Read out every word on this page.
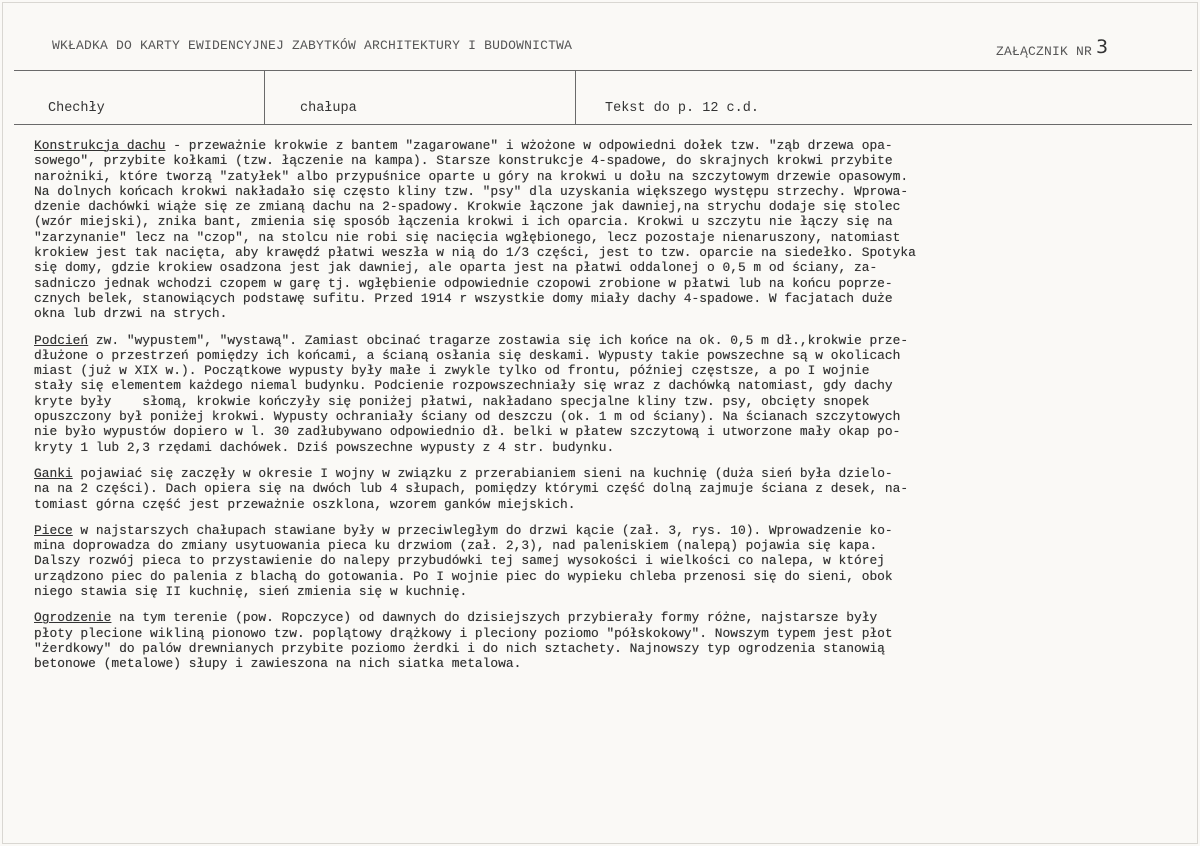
WKŁADKA DO KARTY EWIDENCYJNEJ ZABYTKÓW ARCHITEKTURY I BUDOWNICTWA	ZAŁĄCZNIK NR 3
Chechły	chałupa	Tekst do p. 12 c.d.
Konstrukcja dachu - przeważnie krokwie z bantem "zagarowane" i wżożone w odpowiedni dołek tzw. "ząb drzewa opa-
sowego", przybite kołkami (tzw. łączenie na kampa). Starsze konstrukcje 4-spadowe, do skrajnych krokwi przybite
narożniki, które tworzą "zatyłek" albo przypuśnice oparte u góry na krokwi u dołu na szczytowym drzewie opasowym.
Na dolnych końcach krokwi nakładało się często kliny tzw. "psy" dla uzyskania większego występu strzechy. Wprowa-
dzenie dachówki wiąże się ze zmianą dachu na 2-spadowy. Krokwie łączone jak dawniej,na strychu dodaje się stolec
(wzór miejski), znika bant, zmienia się sposób łączenia krokwi i ich oparcia. Krokwi u szczytu nie łączy się na
"zarzynanie" lecz na "czop", na stolcu nie robi się nacięcia wgłębionego, lecz pozostaje nienaruszony, natomiast
krokiew jest tak nacięta, aby krawędź płatwi weszła w nią do 1/3 części, jest to tzw. oparcie na siedełko. Spotyka
się domy, gdzie krokiew osadzona jest jak dawniej, ale oparta jest na płatwi oddalonej o 0,5 m od ściany, za-
sadniczo jednak wchodzi czopem w garę tj. wgłębienie odpowiednie czopowi zrobione w płatwi lub na końcu poprze-
cznych belek, stanowiących podstawę sufitu. Przed 1914 r wszystkie domy miały dachy 4-spadowe. W facjatach duże
okna lub drzwi na strych.
Podcień zw. "wypustem", "wystawą". Zamiast obcinać tragarze zostawia się ich końce na ok. 0,5 m dł.,krokwie prze-
dłużone o przestrzeń pomiędzy ich końcami, a ścianą osłania się deskami. Wypusty takie powszechne są w okolicach
miast (już w XIX w.). Początkowe wypusty były małe i zwykle tylko od frontu, później częstsze, a po I wojnie
stały się elementem każdego niemal budynku. Podcienie rozpowszechniały się wraz z dachówką natomiast, gdy dachy
kryte były    słomą, krokwie kończyły się poniżej płatwi, nakładano specjalne kliny tzw. psy, obcięty snopek
opuszczony był poniżej krokwi. Wypusty ochraniały ściany od deszczu (ok. 1 m od ściany). Na ścianach szczytowych
nie było wypustów dopiero w l. 30 zadłubywano odpowiednio dł. belki w płatew szczytową i utworzone mały okap po-
kryty 1 lub 2,3 rzędami dachówek. Dziś powszechne wypusty z 4 str. budynku.
Ganki pojawiać się zaczęły w okresie I wojny w związku z przerabianiem sieni na kuchnię (duża sień była dzielo-
na na 2 części). Dach opiera się na dwóch lub 4 słupach, pomiędzy którymi część dolną zajmuje ściana z desek, na-
tomiast górna część jest przeważnie oszklona, wzorem ganków miejskich.
Piece w najstarszych chałupach stawiane były w przeciwległym do drzwi kącie (zał. 3, rys. 10). Wprowadzenie ko-
mina doprowadza do zmiany usytuowania pieca ku drzwiom (zał. 2,3), nad paleniskiem (nalepą) pojawia się kapa.
Dalszy rozwój pieca to przystawienie do nalepy przybudówki tej samej wysokości i wielkości co nalepa, w której
urządzono piec do palenia z blachą do gotowania. Po I wojnie piec do wypieku chleba przenosi się do sieni, obok
niego stawia się II kuchnię, sień zmienia się w kuchnię.
Ogrodzenie na tym terenie (pow. Ropczyce) od dawnych do dzisiejszych przybierały formy różne, najstarsze były
płoty plecione wikliną pionowo tzw. poplątowy drążkowy i pleciony poziomo "półskokowy". Nowszym typem jest płot
"żerdkowy" do palów drewnianych przybite poziomo żerdki i do nich sztachety. Najnowszy typ ogrodzenia stanowią
betonowe (metalowe) słupy i zawieszona na nich siatka metalowa.
